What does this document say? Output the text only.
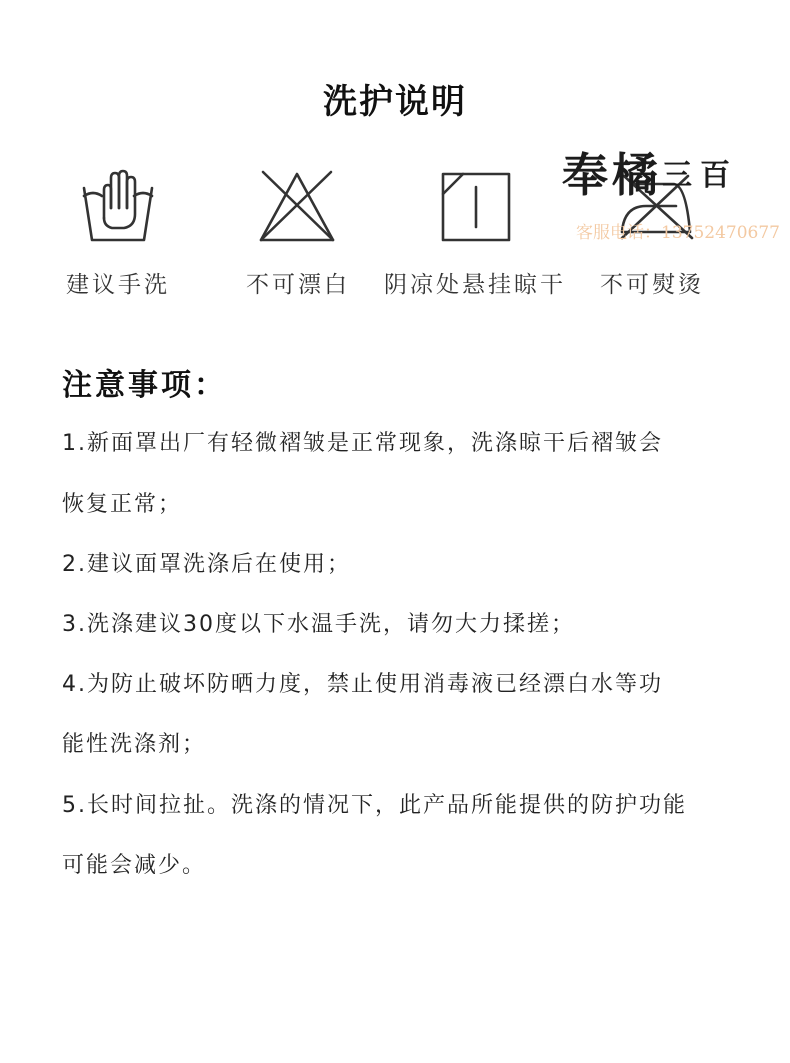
洗护说明
建议手洗	不可漂白 阴凉处悬挂晾干 不可熨烫
奉橘三百
客服电话：13752470677
注意事项：
1.新面罩出厂有轻微褶皱是正常现象，洗涤晾干后褶皱会
恢复正常；
2.建议面罩洗涤后在使用；
3.洗涤建议30度以下水温手洗，请勿大力揉搓；
4.为防止破坏防晒力度，禁止使用消毒液已经漂白水等功
能性洗涤剂；
5.长时间拉扯。洗涤的情况下，此产品所能提供的防护功能
可能会减少。
